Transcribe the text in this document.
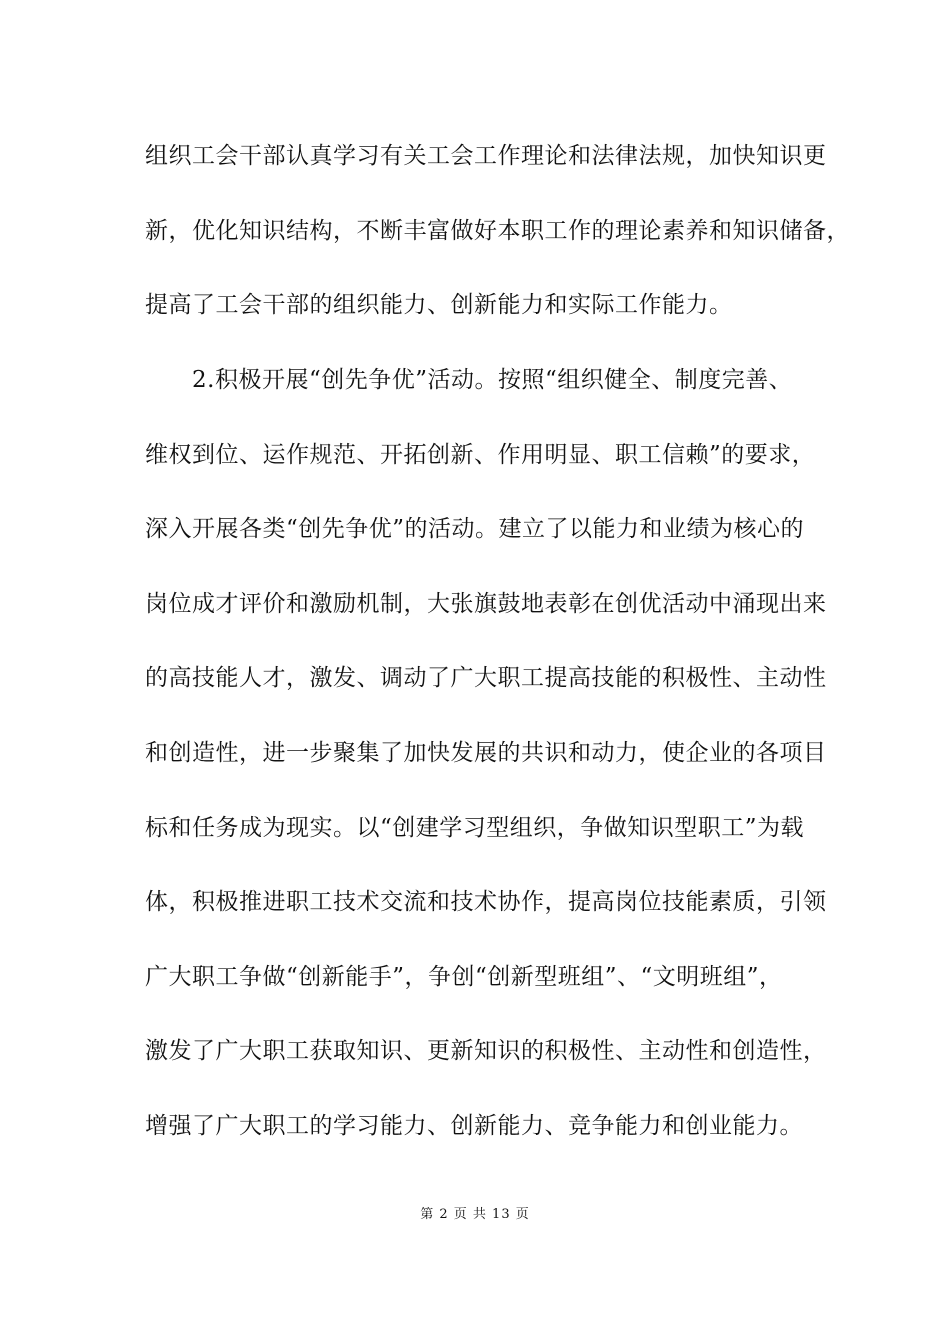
组织工会干部认真学习有关工会工作理论和法律法规，加快知识更
新，优化知识结构，不断丰富做好本职工作的理论素养和知识储备，
提高了工会干部的组织能力、创新能力和实际工作能力。
　　2.积极开展“创先争优”活动。按照“组织健全、制度完善、
维权到位、运作规范、开拓创新、作用明显、职工信赖”的要求，
深入开展各类“创先争优”的活动。建立了以能力和业绩为核心的
岗位成才评价和激励机制，大张旗鼓地表彰在创优活动中涌现出来
的高技能人才，激发、调动了广大职工提高技能的积极性、主动性
和创造性，进一步聚集了加快发展的共识和动力，使企业的各项目
标和任务成为现实。以“创建学习型组织，争做知识型职工”为载
体，积极推进职工技术交流和技术协作，提高岗位技能素质，引领
广大职工争做“创新能手”，争创“创新型班组”、“文明班组”，
激发了广大职工获取知识、更新知识的积极性、主动性和创造性，
增强了广大职工的学习能力、创新能力、竞争能力和创业能力。
第 2 页 共 13 页
